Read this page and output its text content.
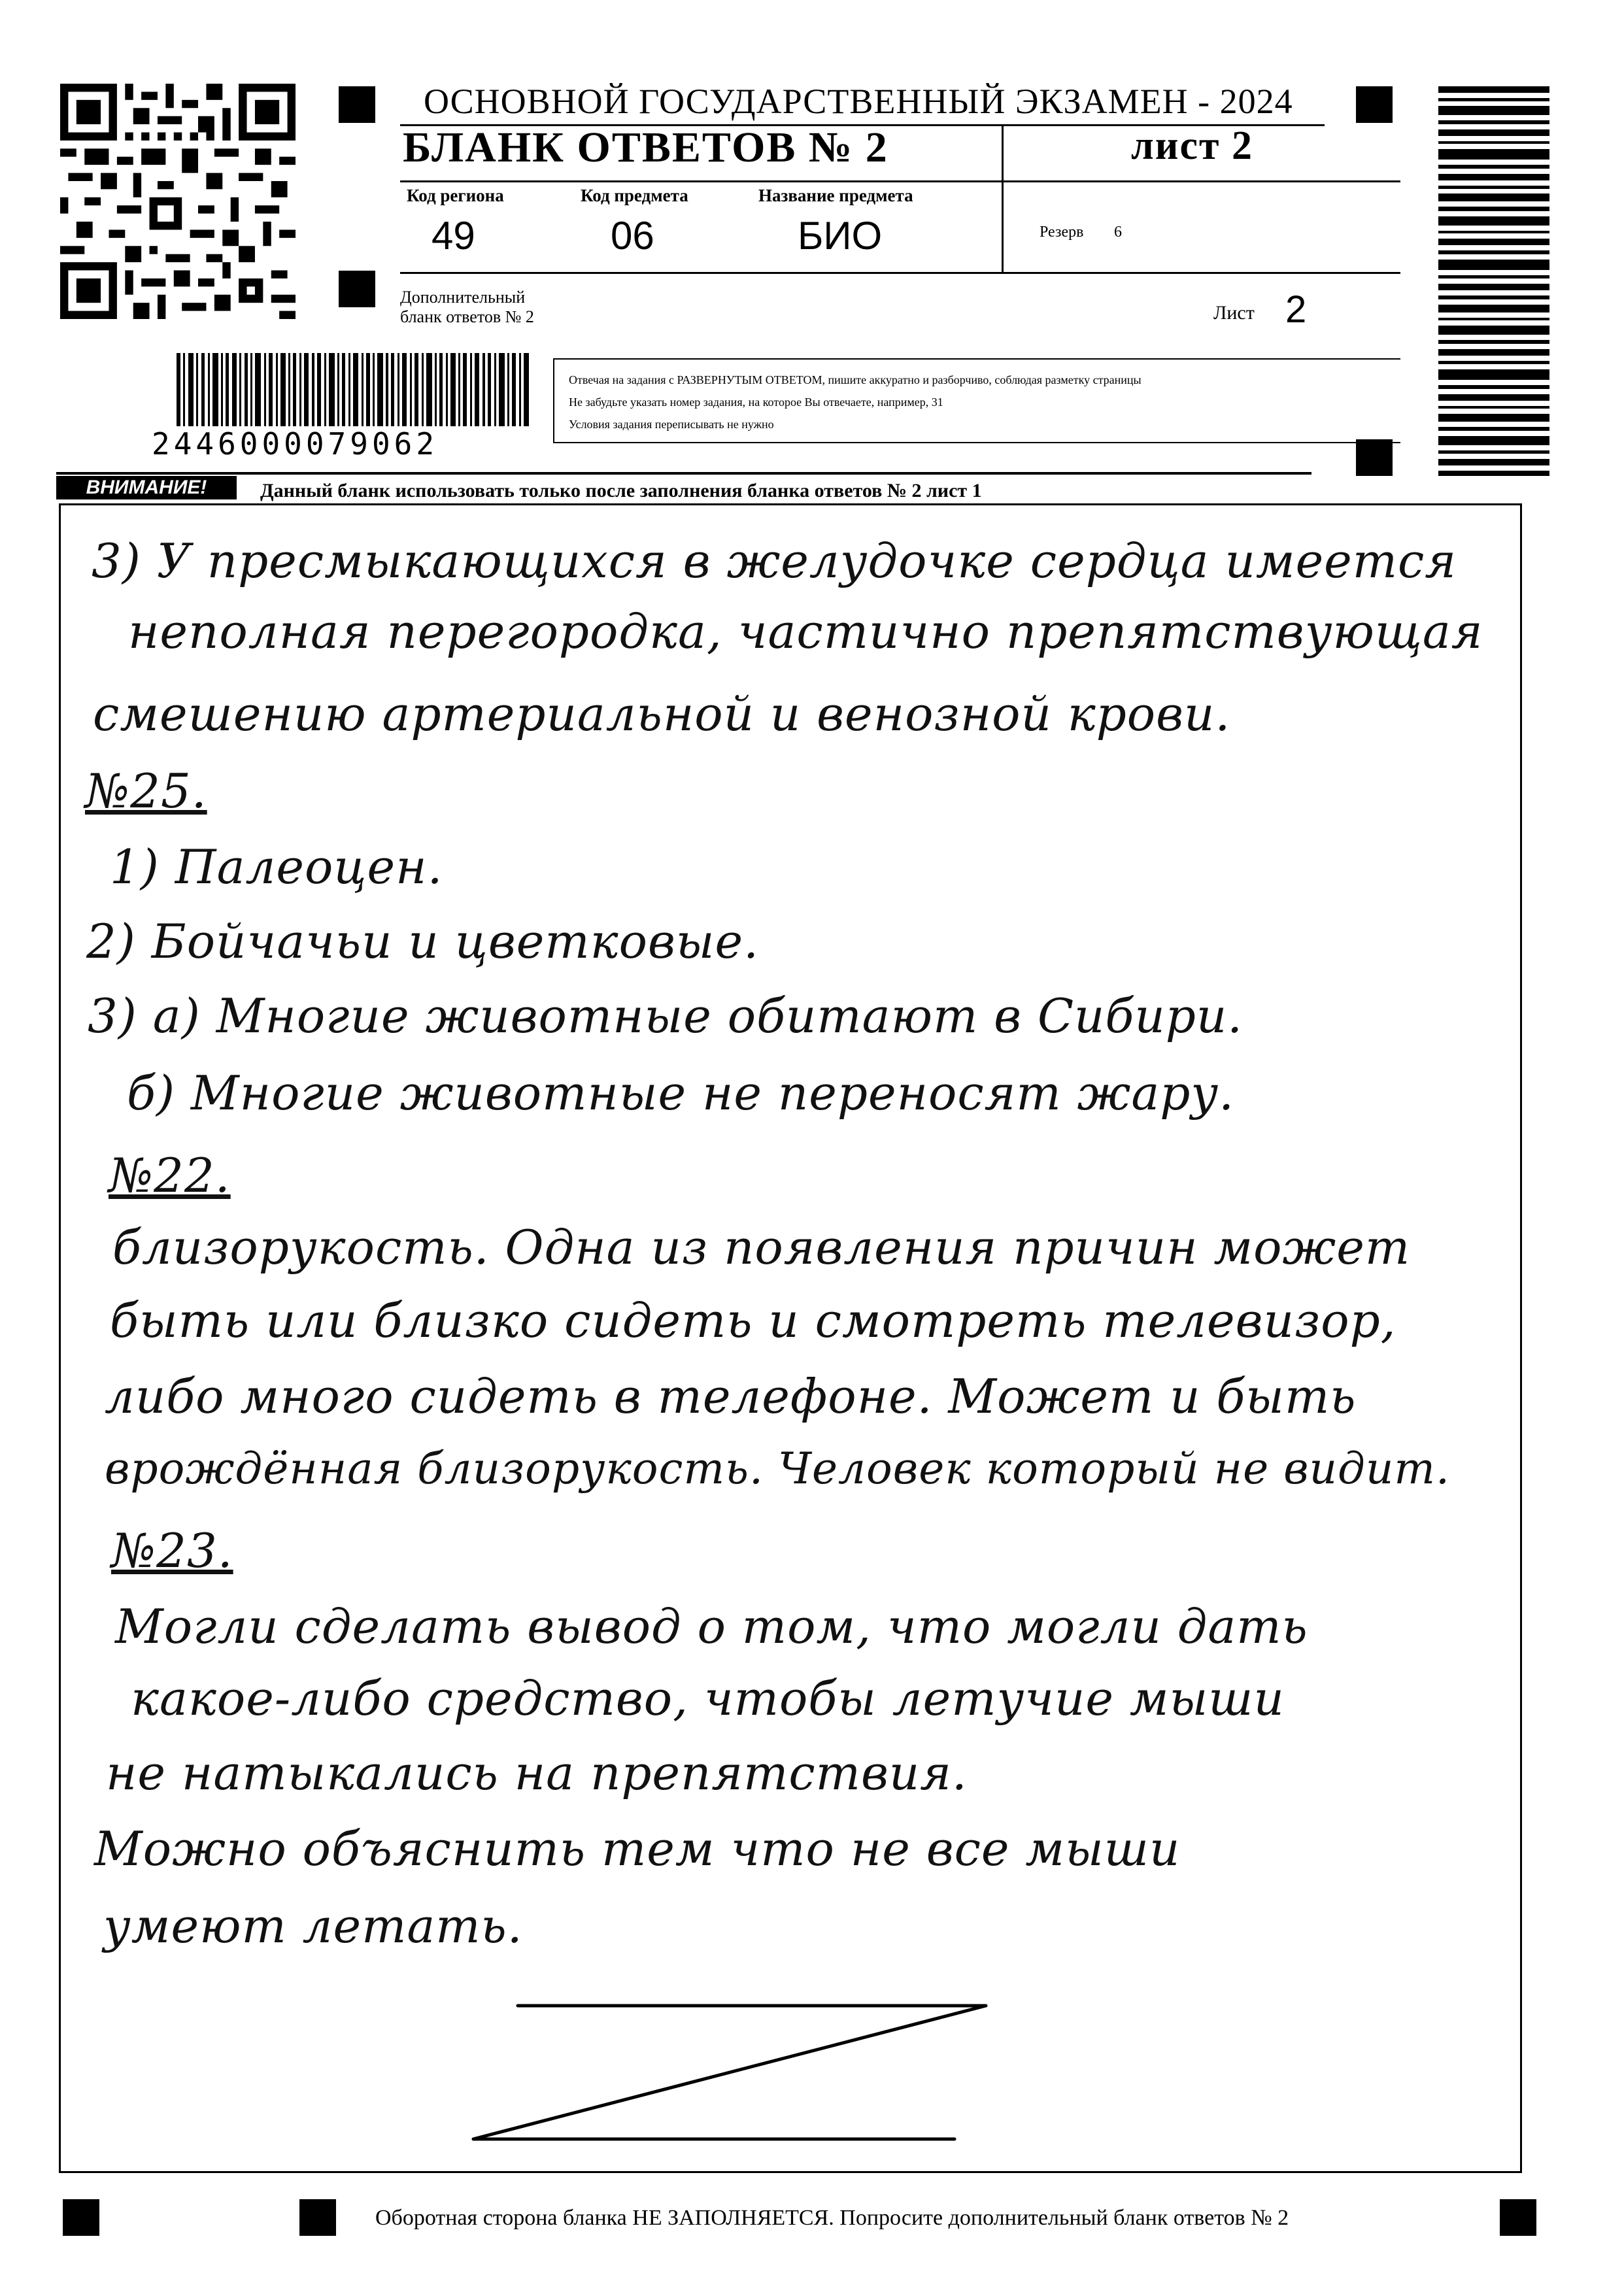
ОСНОВНОЙ ГОСУДАРСТВЕННЫЙ ЭКЗАМЕН - 2024
БЛАНК ОТВЕТОВ № 2	лист 2
Код региона
49
Код предмета
06
Название предмета
БИО	Резерв 6
Дополнительный
бланк ответов № 2	Лист 2
2446000079062
Отвечая на задания с РАЗВЕРНУТЫМ ОТВЕТОМ, пишите аккуратно и разборчиво, соблюдая разметку страницы
Не забудьте указать номер задания, на которое Вы отвечаете, например, 31
Условия задания переписывать не нужно
ВНИМАНИЕ!	Данный бланк использовать только после заполнения бланка ответов № 2 лист 1
3) У пресмыкающихся в желудочке сердца имеется
неполная перегородка, частично препятствующая
смешению артериальной и венозной крови.
№25.
1) Палеоцен.
2) Бойчачьи и цветковые.
3) а) Многие животные обитают в Сибири.
б) Многие животные не переносят жару.
№22.
близорукость. Одна из появления причин может
быть или близко сидеть и смотреть телевизор,
либо много сидеть в телефоне. Может и быть
врождённая близорукость. Человек который не видит.
№23.
Могли сделать вывод о том, что могли дать
какое-либо средство, чтобы летучие мыши
не натыкались на препятствия.
Можно объяснить тем что не все мыши
умеют летать.
Оборотная сторона бланка НЕ ЗАПОЛНЯЕТСЯ. Попросите дополнительный бланк ответов № 2
